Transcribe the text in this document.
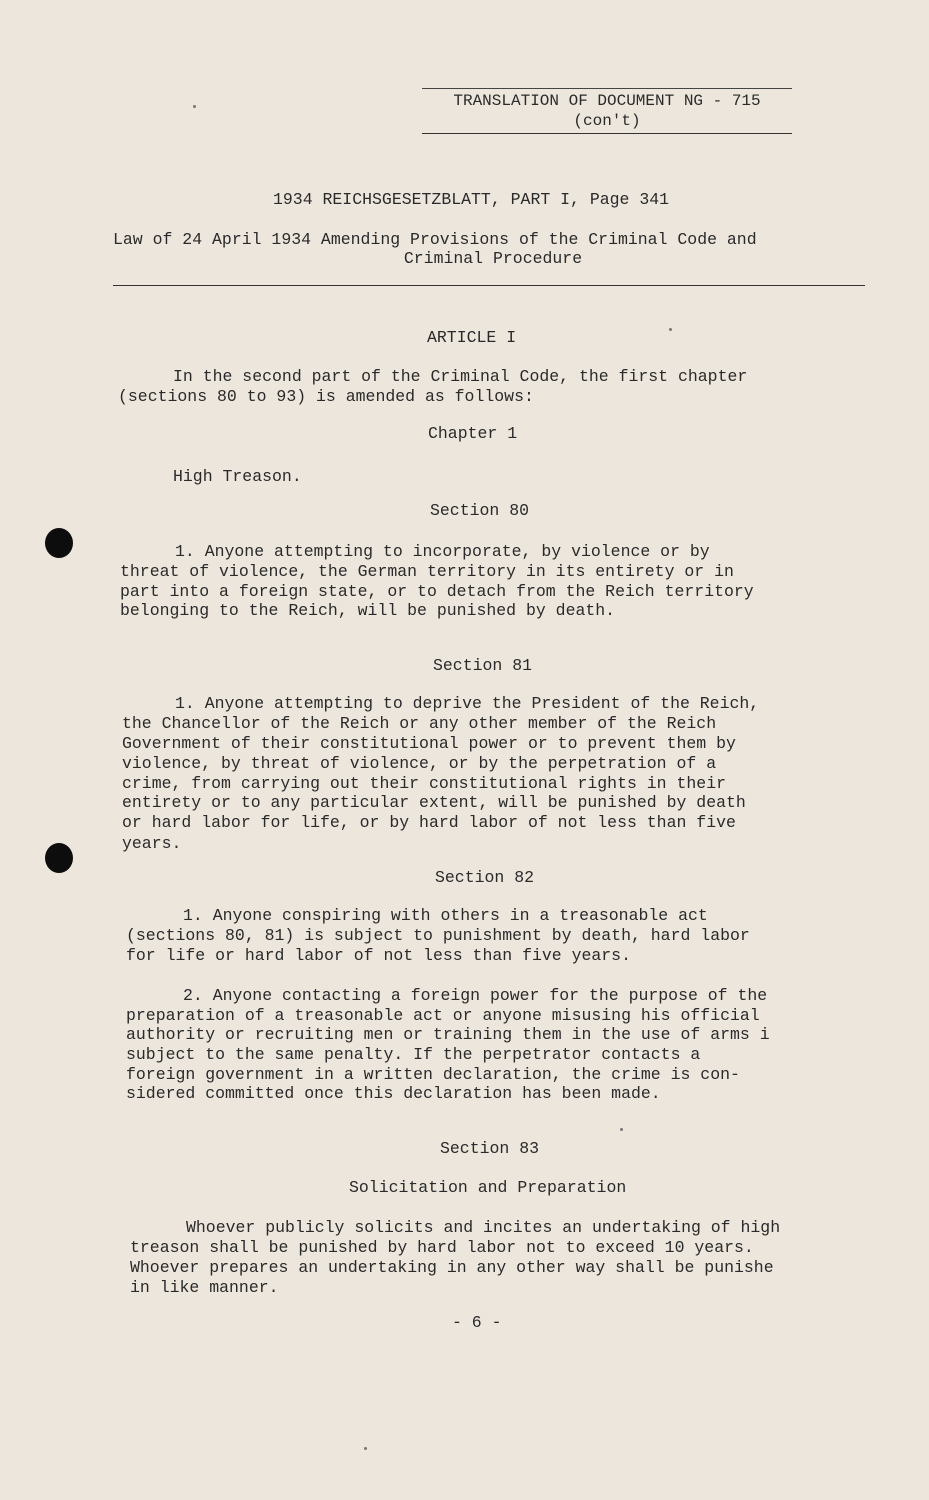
TRANSLATION OF DOCUMENT NG - 715
(con't)
1934 REICHSGESETZBLATT, PART I, Page 341
Law of 24 April 1934 Amending Provisions of the Criminal Code and
Criminal Procedure
ARTICLE I
In the second part of the Criminal Code, the first chapter
(sections 80 to 93) is amended as follows:
Chapter 1
High Treason.
Section 80
1. Anyone attempting to incorporate, by violence or by
threat of violence, the German territory in its entirety or in
part into a foreign state, or to detach from the Reich territory
belonging to the Reich, will be punished by death.
Section 81
1. Anyone attempting to deprive the President of the Reich,
the Chancellor of the Reich or any other member of the Reich
Government of their constitutional power or to prevent them by
violence, by threat of violence, or by the perpetration of a
crime, from carrying out their constitutional rights in their
entirety or to any particular extent, will be punished by death
or hard labor for life, or by hard labor of not less than five
years.
Section 82
1. Anyone conspiring with others in a treasonable act
(sections 80, 81) is subject to punishment by death, hard labor
for life or hard labor of not less than five years.
2. Anyone contacting a foreign power for the purpose of the
preparation of a treasonable act or anyone misusing his official
authority or recruiting men or training them in the use of arms i
subject to the same penalty. If the perpetrator contacts a
foreign government in a written declaration, the crime is con-
sidered committed once this declaration has been made.
Section 83
Solicitation and Preparation
Whoever publicly solicits and incites an undertaking of high
treason shall be punished by hard labor not to exceed 10 years.
Whoever prepares an undertaking in any other way shall be punishe
in like manner.
- 6 -
